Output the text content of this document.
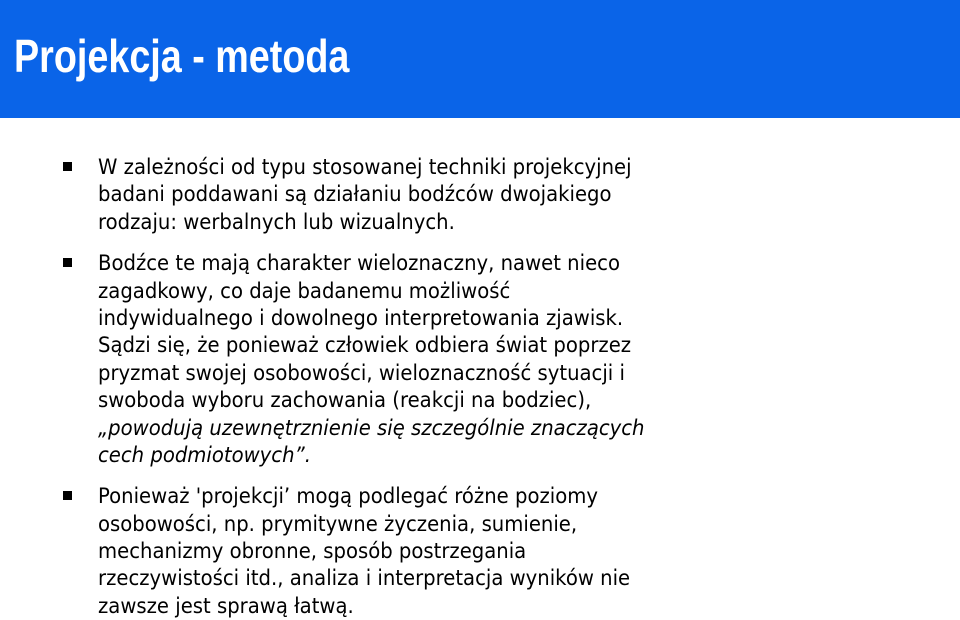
Projekcja - metoda
W zależności od typu stosowanej techniki projekcyjnej
badani poddawani są działaniu bodźców dwojakiego
rodzaju: werbalnych lub wizualnych.
Bodźce te mają charakter wieloznaczny, nawet nieco
zagadkowy, co daje badanemu możliwość
indywidualnego i dowolnego interpretowania zjawisk.
Sądzi się, że ponieważ człowiek odbiera świat poprzez
pryzmat swojej osobowości, wieloznaczność sytuacji i
swoboda wyboru zachowania (reakcji na bodziec),
„powodują uzewnętrznienie się szczególnie znaczących
cech podmiotowych”.
Ponieważ 'projekcji’ mogą podlegać różne poziomy
osobowości, np. prymitywne życzenia, sumienie,
mechanizmy obronne, sposób postrzegania
rzeczywistości itd., analiza i interpretacja wyników nie
zawsze jest sprawą łatwą.
